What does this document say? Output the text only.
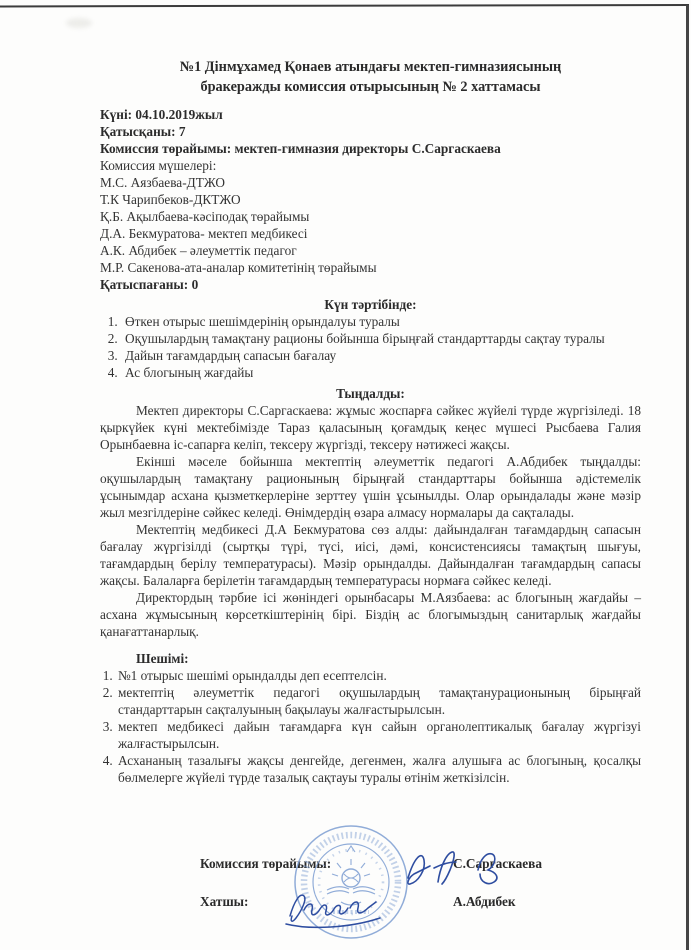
№1 Дінмұхамед Қонаев атындағы мектеп-гимназиясының
бракеражды комиссия отырысының № 2 хаттамасы
Күні: 04.10.2019жыл
Қатысқаны: 7
Комиссия төрайымы: мектеп-гимназия директоры С.Саргаскаева
Комиссия мүшелері:
М.С. Аязбаева-ДТЖО
Т.К Чарипбеков-ДКТЖО
Қ.Б. Ақылбаева-кәсіподақ төрайымы
Д.А. Бекмуратова- мектеп медбикесі
А.К. Абдибек – әлеуметтік педагог
М.Р. Сакенова-ата-аналар комитетінің төрайымы
Қатыспағаны: 0
Күн тәртібінде:
1. Өткен отырыс шешімдерінің орындалуы туралы
2. Оқушылардың тамақтану рационы бойынша бірыңғай стандарттарды сақтау туралы
3. Дайын тағамдардың сапасын бағалау
4. Ас блогының жағдайы
Тыңдалды:

Мектеп директоры С.Саргаскаева: жұмыс жоспарға сәйкес жүйелі түрде жүргізіледі. 18 қыркүйек күні мектебімізде Тараз қаласының қоғамдық кеңес мүшесі Рысбаева Галия Орынбаевна іс-сапарға келіп, тексеру жүргізді, тексеру нәтижесі жақсы.

Екінші мәселе бойынша мектептің әлеуметтік педагогі А.Абдибек тыңдалды: оқушылардың тамақтану рационының бірыңғай стандарттары бойынша әдістемелік ұсынымдар асхана қызметкерлеріне зерттеу үшін ұсынылды. Олар орындалады және мәзір жыл мезгілдеріне сәйкес келеді. Өнімдердің өзара алмасу нормалары да сақталады.

Мектептің медбикесі Д.А Бекмуратова сөз алды: дайындалған тағамдардың сапасын бағалау жүргізілді (сыртқы түрі, түсі, иісі, дәмі, консистенсиясы тамақтың шығуы, тағамдардың берілу температурасы). Мәзір орындалды. Дайындалған тағамдардың сапасы жақсы. Балаларға берілетін тағамдардың температурасы нормаға сәйкес келеді.

Директордың тәрбие ісі жөніндегі орынбасары М.Аязбаева: ас блогының жағдайы – асхана жұмысының көрсеткіштерінің бірі. Біздің ас блогымыздың санитарлық жағдайы қанағаттанарлық.

Шешімі:
1. №1 отырыс шешімі орындалды деп есептелсін.
2. мектептің әлеуметтік педагогі оқушылардың тамақтанурационының бірыңғай стандарттарын сақталуының бақылауы жалғастырылсын.
3. мектеп медбикесі дайын тағамдарға күн сайын органолептикалық бағалау жүргізуі жалғастырылсын.
4. Асхананың тазалығы жақсы денгейде, дегенмен, жалға алушыға ас блогының, қосалқы бөлмелерге жүйелі түрде тазалық сақтауы туралы өтінім жеткізілсін.
Комиссия төрайымы:	С.Саргаскаева
Хатшы:	А.Абдибек
